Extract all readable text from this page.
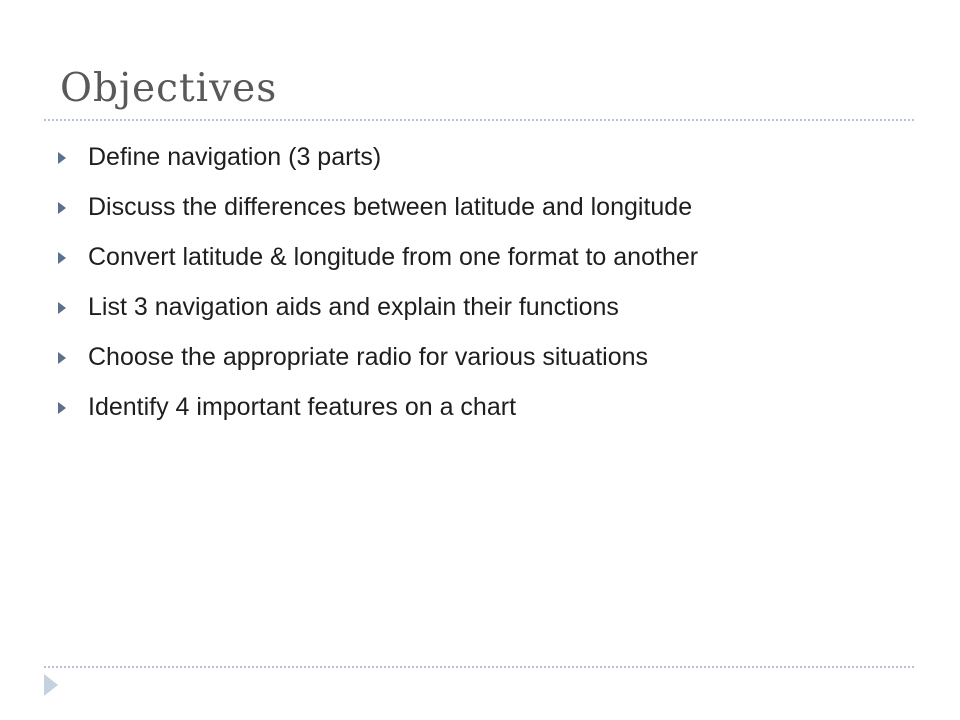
Objectives
Define navigation (3 parts)
Discuss the differences between latitude and longitude
Convert latitude & longitude from one format to another
List 3 navigation aids and explain their functions
Choose the appropriate radio for various situations
Identify 4 important features on a chart
